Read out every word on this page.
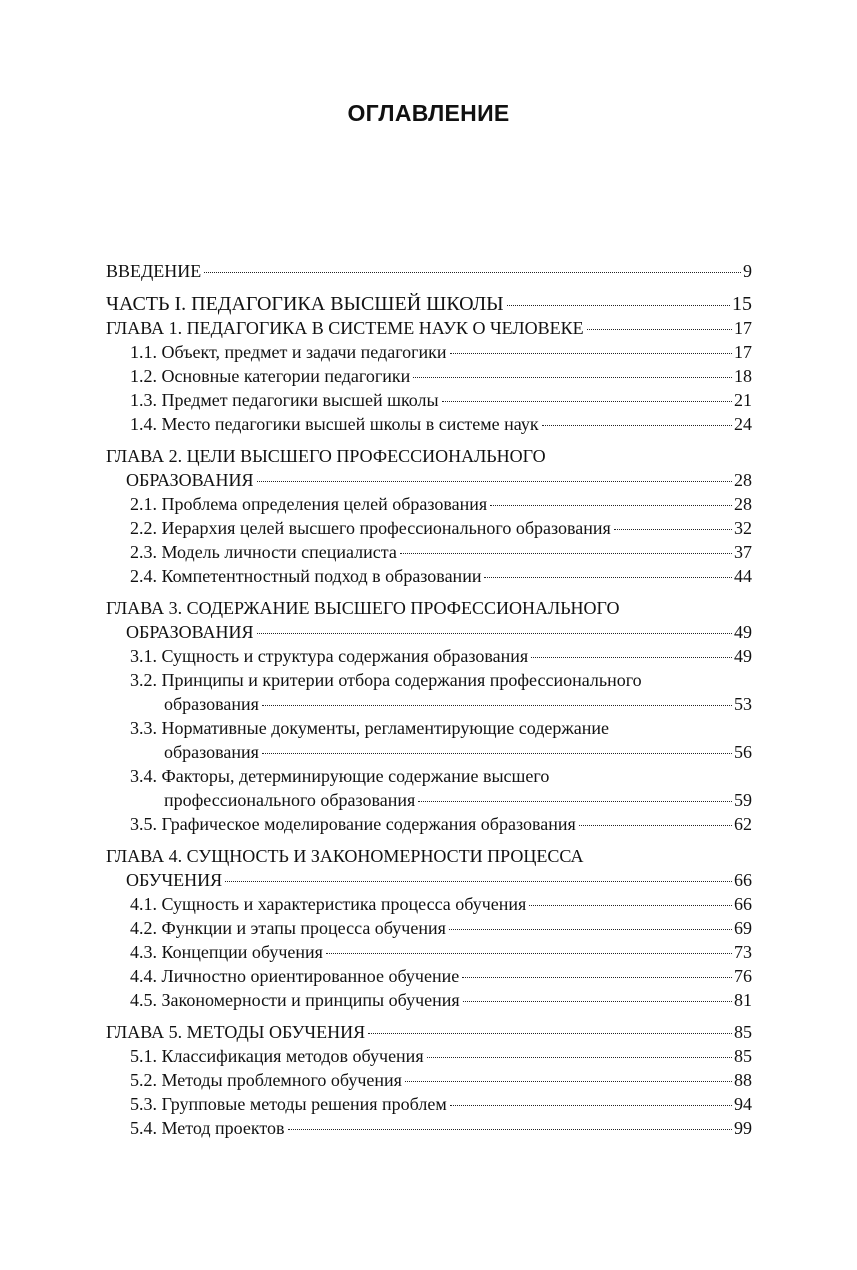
ОГЛАВЛЕНИЕ
ВВЕДЕНИЕ	9
ЧАСТЬ I. ПЕДАГОГИКА ВЫСШЕЙ ШКОЛЫ	15
ГЛАВА 1. ПЕДАГОГИКА В СИСТЕМЕ НАУК О ЧЕЛОВЕКЕ	17
1.1. Объект, предмет и задачи педагогики	17
1.2. Основные категории педагогики	18
1.3. Предмет педагогики высшей школы	21
1.4. Место педагогики высшей школы в системе наук	24
ГЛАВА 2. ЦЕЛИ ВЫСШЕГО ПРОФЕССИОНАЛЬНОГО
ОБРАЗОВАНИЯ	28
2.1. Проблема определения целей образования	28
2.2. Иерархия целей высшего профессионального образования	32
2.3. Модель личности специалиста	37
2.4. Компетентностный подход в образовании	44
ГЛАВА 3. СОДЕРЖАНИЕ ВЫСШЕГО ПРОФЕССИОНАЛЬНОГО
ОБРАЗОВАНИЯ	49
3.1. Сущность и структура содержания образования	49
3.2. Принципы и критерии отбора содержания профессионального
образования	53
3.3. Нормативные документы, регламентирующие содержание
образования	56
3.4. Факторы, детерминирующие содержание высшего
профессионального образования	59
3.5. Графическое моделирование содержания образования	62
ГЛАВА 4. СУЩНОСТЬ И ЗАКОНОМЕРНОСТИ ПРОЦЕССА
ОБУЧЕНИЯ	66
4.1. Сущность и характеристика процесса обучения	66
4.2. Функции и этапы процесса обучения	69
4.3. Концепции обучения	73
4.4. Личностно ориентированное обучение	76
4.5. Закономерности и принципы обучения	81
ГЛАВА 5. МЕТОДЫ ОБУЧЕНИЯ	85
5.1. Классификация методов обучения	85
5.2. Методы проблемного обучения	88
5.3. Групповые методы решения проблем	94
5.4. Метод проектов	99
